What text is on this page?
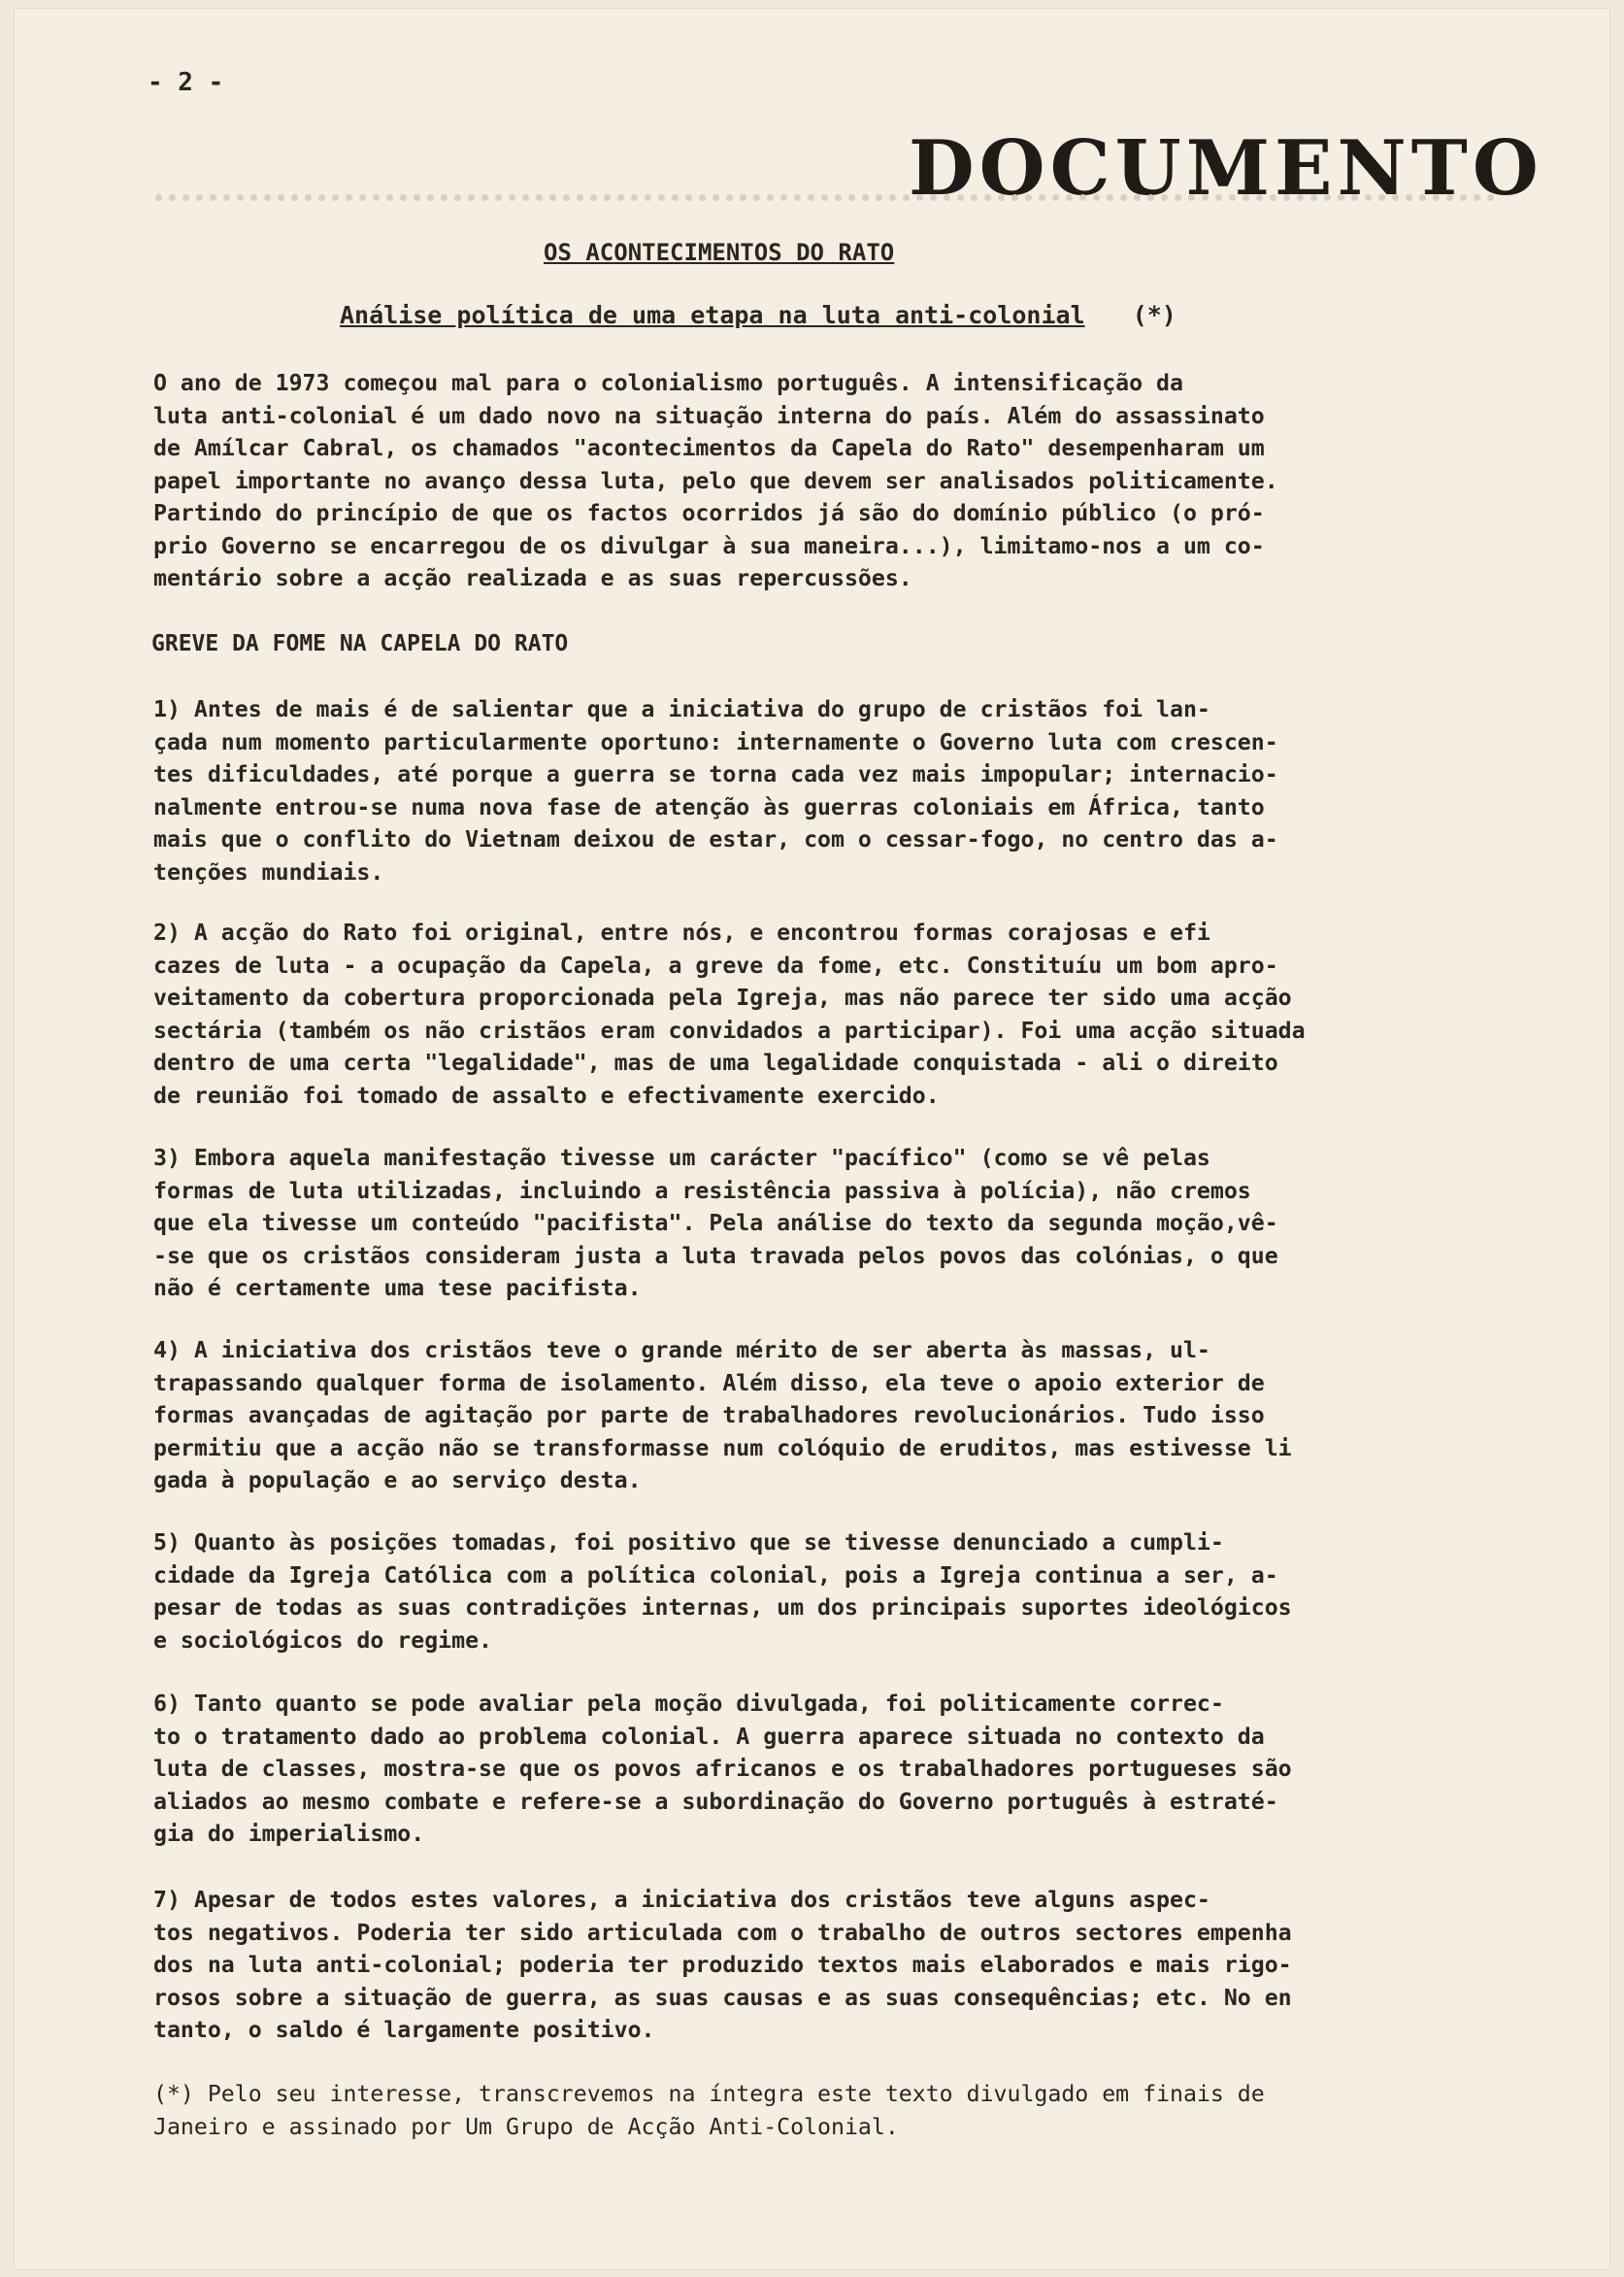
- 2 -
DOCUMENTO
OS ACONTECIMENTOS DO RATO
Análise política de uma etapa na luta anti-colonial (*)
O ano de 1973 começou mal para o colonialismo português. A intensificação da
luta anti-colonial é um dado novo na situação interna do país. Além do assassinato
de Amílcar Cabral, os chamados "acontecimentos da Capela do Rato" desempenharam um
papel importante no avanço dessa luta, pelo que devem ser analisados politicamente.
Partindo do princípio de que os factos ocorridos já são do domínio público (o pró-
prio Governo se encarregou de os divulgar à sua maneira...), limitamo-nos a um co-
mentário sobre a acção realizada e as suas repercussões.
GREVE DA FOME NA CAPELA DO RATO
1) Antes de mais é de salientar que a iniciativa do grupo de cristãos foi lan-
çada num momento particularmente oportuno: internamente o Governo luta com crescen-
tes dificuldades, até porque a guerra se torna cada vez mais impopular; internacio-
nalmente entrou-se numa nova fase de atenção às guerras coloniais em África, tanto
mais que o conflito do Vietnam deixou de estar, com o cessar-fogo, no centro das a-
tenções mundiais.
2) A acção do Rato foi original, entre nós, e encontrou formas corajosas e efi
cazes de luta - a ocupação da Capela, a greve da fome, etc. Constituíu um bom apro-
veitamento da cobertura proporcionada pela Igreja, mas não parece ter sido uma acção
sectária (também os não cristãos eram convidados a participar). Foi uma acção situada
dentro de uma certa "legalidade", mas de uma legalidade conquistada - ali o direito
de reunião foi tomado de assalto e efectivamente exercido.
3) Embora aquela manifestação tivesse um carácter "pacífico" (como se vê pelas
formas de luta utilizadas, incluindo a resistência passiva à polícia), não cremos
que ela tivesse um conteúdo "pacifista". Pela análise do texto da segunda moção,vê-
-se que os cristãos consideram justa a luta travada pelos povos das colónias, o que
não é certamente uma tese pacifista.
4) A iniciativa dos cristãos teve o grande mérito de ser aberta às massas, ul-
trapassando qualquer forma de isolamento. Além disso, ela teve o apoio exterior de
formas avançadas de agitação por parte de trabalhadores revolucionários. Tudo isso
permitiu que a acção não se transformasse num colóquio de eruditos, mas estivesse li
gada à população e ao serviço desta.
5) Quanto às posições tomadas, foi positivo que se tivesse denunciado a cumpli-
cidade da Igreja Católica com a política colonial, pois a Igreja continua a ser, a-
pesar de todas as suas contradições internas, um dos principais suportes ideológicos
e sociológicos do regime.
6) Tanto quanto se pode avaliar pela moção divulgada, foi politicamente correc-
to o tratamento dado ao problema colonial. A guerra aparece situada no contexto da
luta de classes, mostra-se que os povos africanos e os trabalhadores portugueses são
aliados ao mesmo combate e refere-se a subordinação do Governo português à estraté-
gia do imperialismo.
7) Apesar de todos estes valores, a iniciativa dos cristãos teve alguns aspec-
tos negativos. Poderia ter sido articulada com o trabalho de outros sectores empenha
dos na luta anti-colonial; poderia ter produzido textos mais elaborados e mais rigo-
rosos sobre a situação de guerra, as suas causas e as suas consequências; etc. No en
tanto, o saldo é largamente positivo.
(*) Pelo seu interesse, transcrevemos na íntegra este texto divulgado em finais de
Janeiro e assinado por Um Grupo de Acção Anti-Colonial.
